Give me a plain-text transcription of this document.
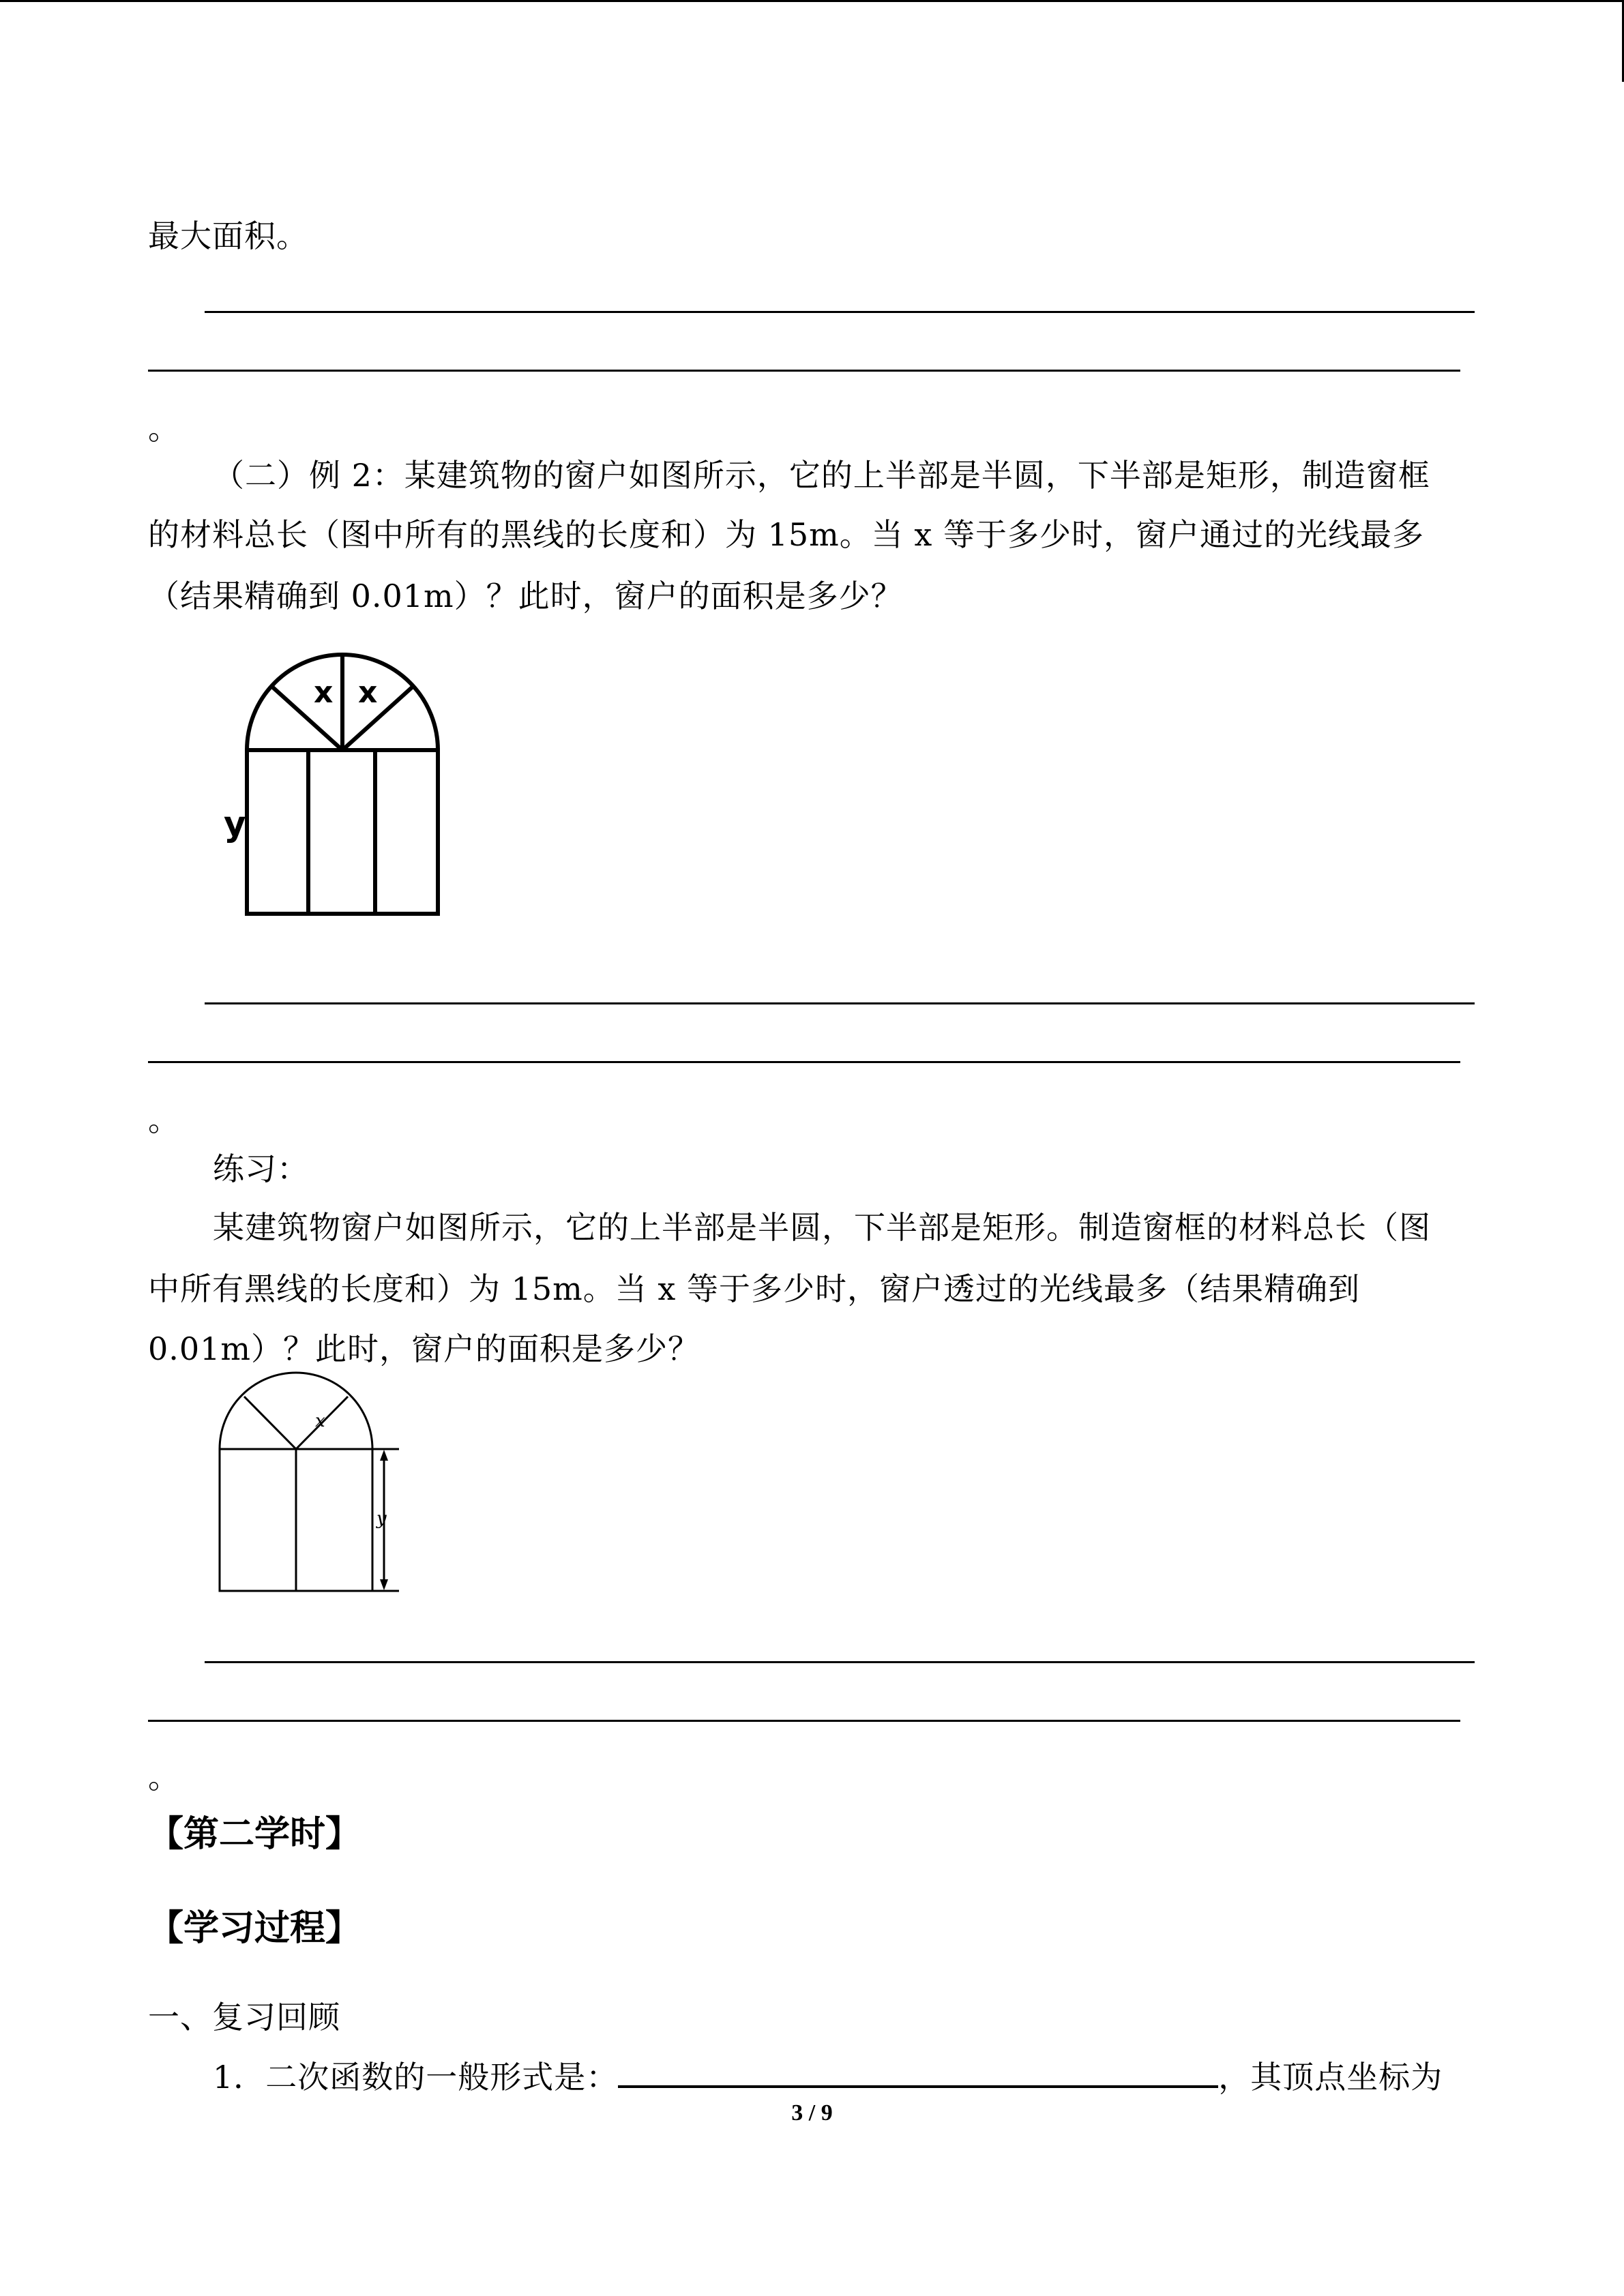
最大面积。
。
（二）例 2：某建筑物的窗户如图所示，它的上半部是半圆，下半部是矩形，制造窗框
的材料总长（图中所有的黑线的长度和）为 15m。当 x 等于多少时，窗户通过的光线最多
（结果精确到 0.01m）？此时，窗户的面积是多少？
x x
y
。
练习：
某建筑物窗户如图所示，它的上半部是半圆，下半部是矩形。制造窗框的材料总长（图
中所有黑线的长度和）为 15m。当 x 等于多少时，窗户透过的光线最多（结果精确到
0.01m）？此时，窗户的面积是多少？
x
y
。
【第二学时】
【学习过程】
一、复习回顾
1．二次函数的一般形式是：	，其顶点坐标为
3 / 9
